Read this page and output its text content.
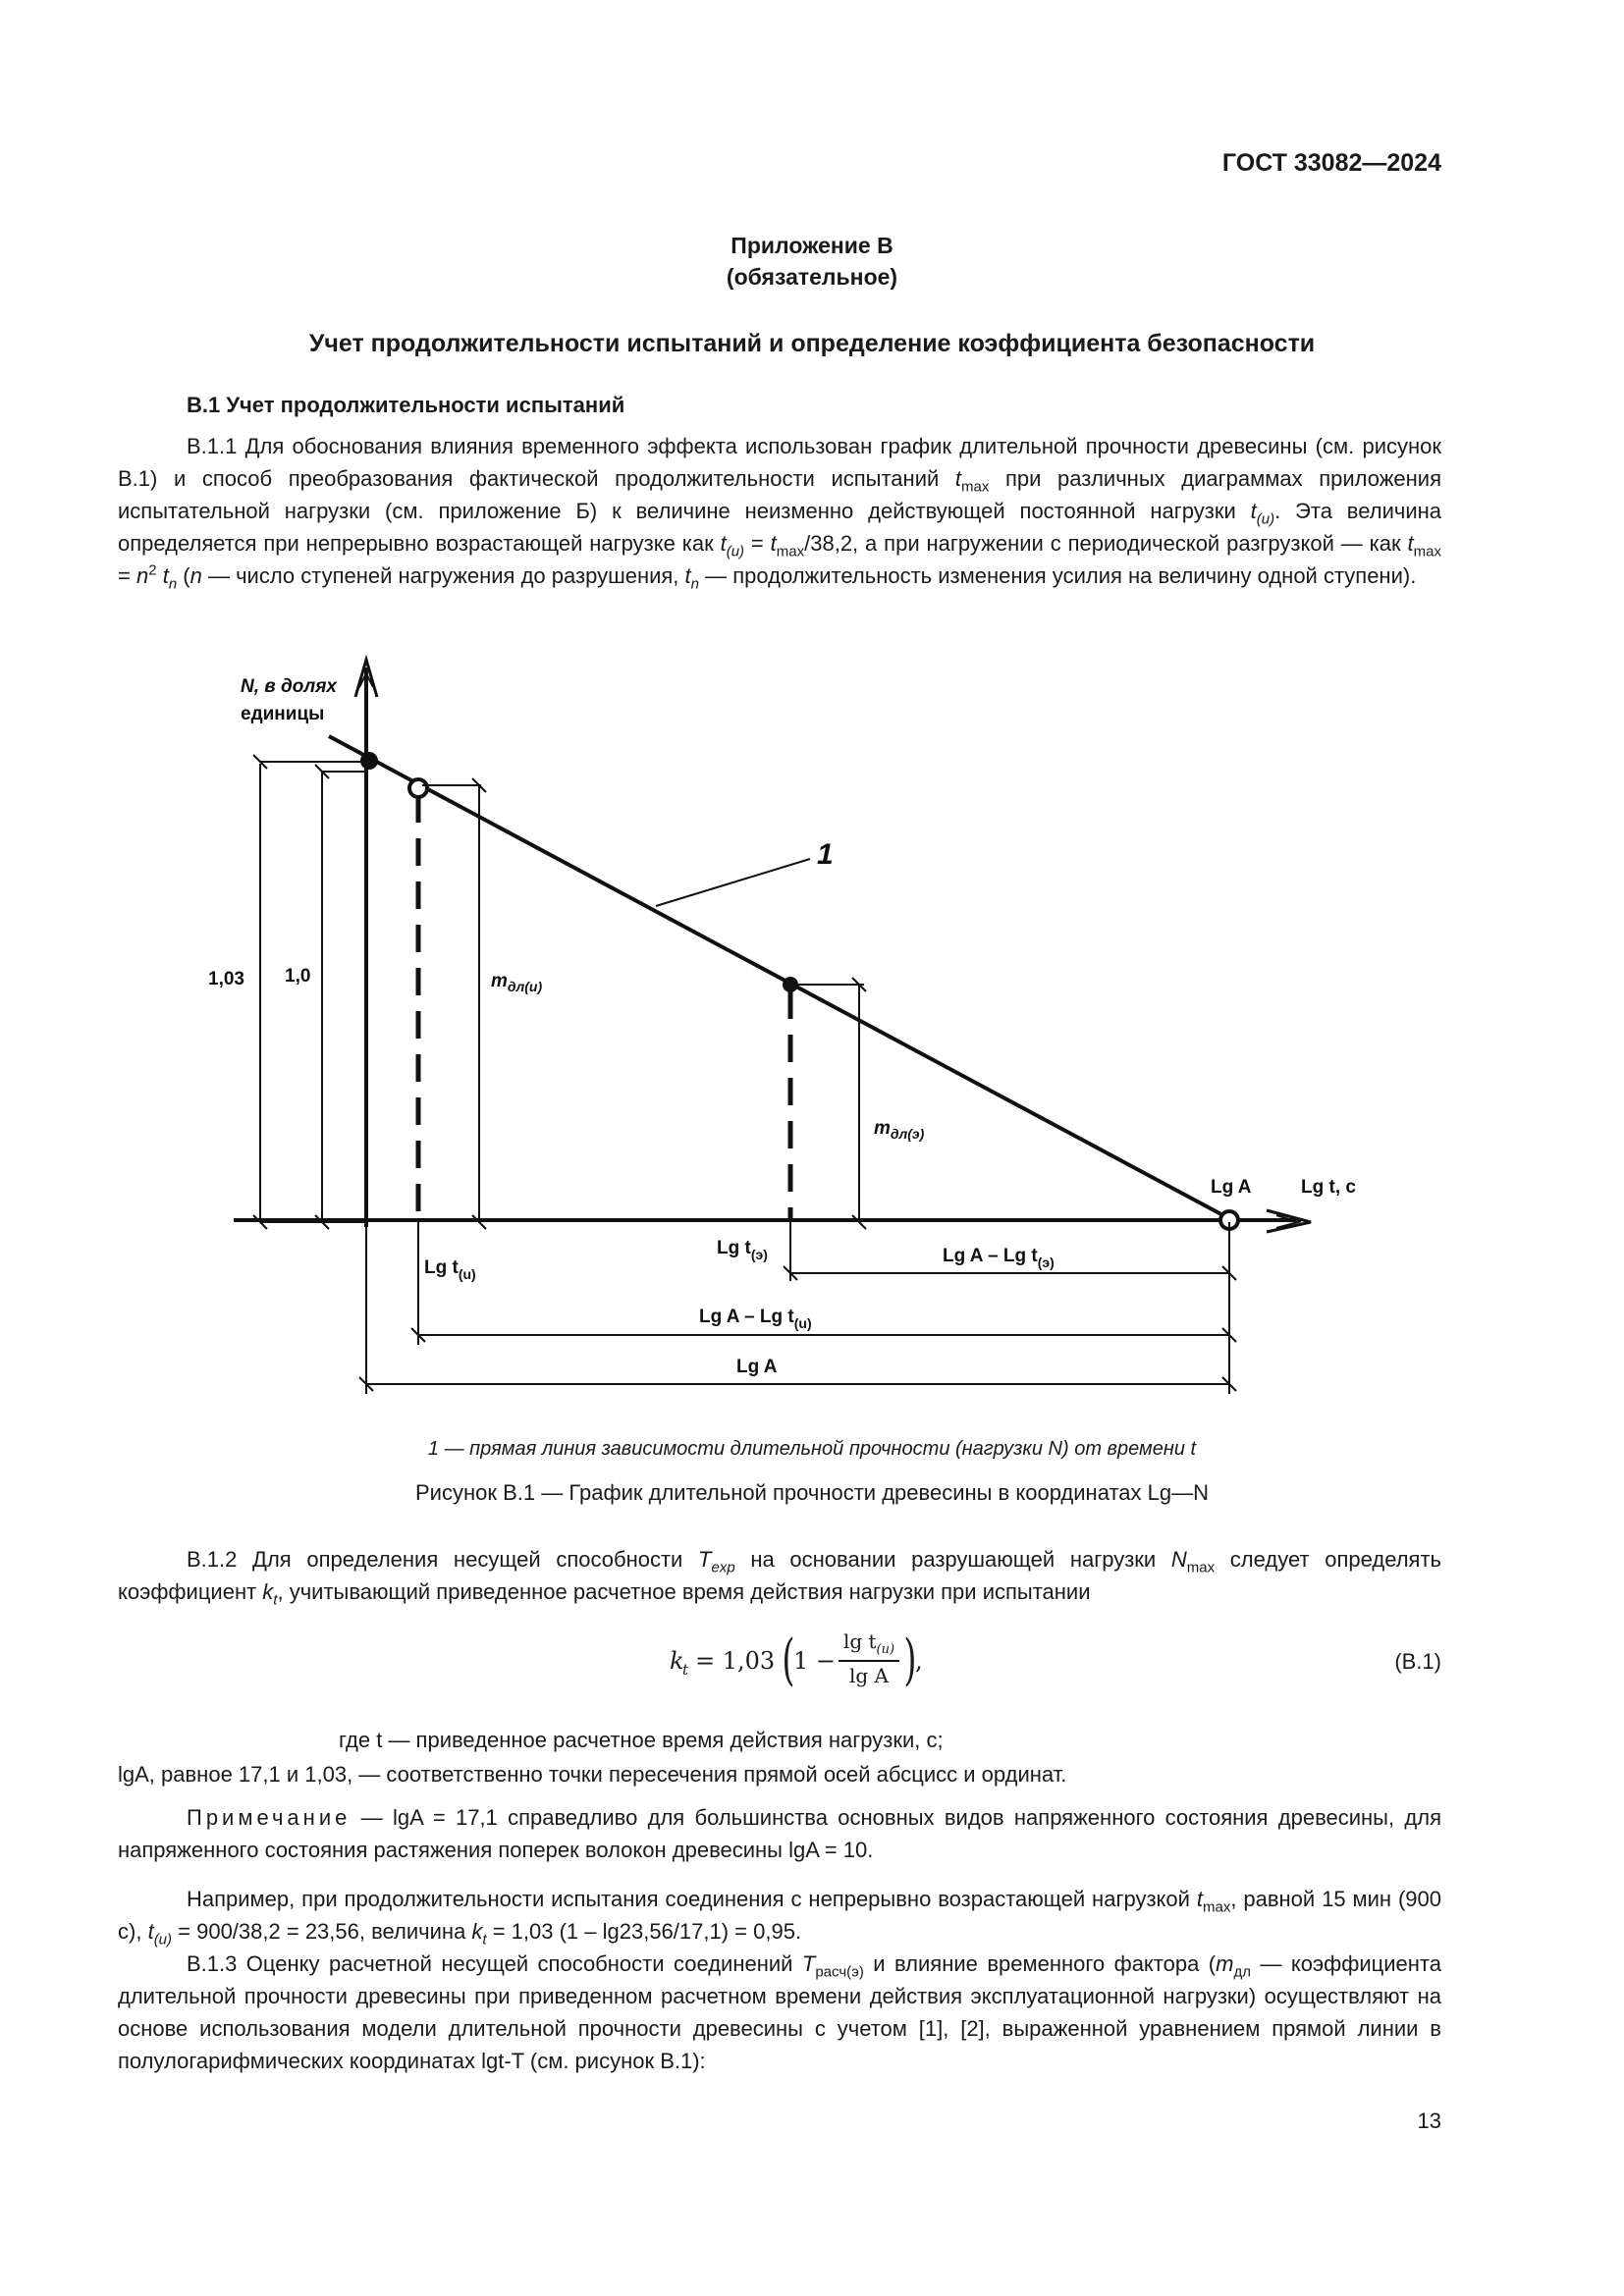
ГОСТ 33082—2024
Приложение В
(обязательное)
Учет продолжительности испытаний и определение коэффициента безопасности
В.1 Учет продолжительности испытаний

В.1.1 Для обоснования влияния временного эффекта использован график длительной прочности древесины (см. рисунок В.1) и способ преобразования фактической продолжительности испытаний $t_{max}$ при различных диаграммах приложения испытательной нагрузки (см. приложение Б) к величине неизменно действующей постоянной нагрузки $t_{(u)}$. Эта величина определяется при непрерывно возрастающей нагрузке как $t_{(u)} = t_{max}/38,2$, а при нагружении с периодической разгрузкой — как $t_{max} = n^2$ $t_n$ (n — число ступеней нагружения до разрушения, $t_n$ — продолжительность изменения усилия на величину одной ступени).

N, в долях
единицы
Lg t, с
1
1,03 1,0	$m_{дл(u)}$
$m_{дл(э)}$
Lg A
Lg $t_{(u)}$
Lg $t_{(э)}$	Lg A – Lg $t_{(э)}$
Lg A – Lg $t_{(u)}$
Lg A
1 — прямая линия зависимости длительной прочности (нагрузки N) от времени t
Рисунок В.1 — График длительной прочности древесины в координатах Lg—N

В.1.2 Для определения несущей способности $T_{exp}$ на основании разрушающей нагрузки $N_{max}$ следует определять коэффициент $k_t$, учитывающий приведенное расчетное время действия нагрузки при испытании

k
t = 1,03 (
1 −
$\lg t_{(u)}$
lg A )
,	(В.1)
где t — приведенное расчетное время действия нагрузки, с;
lgA, равное 17,1 и 1,03, — соответственно точки пересечения прямой осей абсцисс и ординат.

Примечание — lgA = 17,1 справедливо для большинства основных видов напряженного состояния древесины, для напряженного состояния растяжения поперек волокон древесины lgA = 10.

Например, при продолжительности испытания соединения с непрерывно возрастающей нагрузкой $t_{max}$, равной 15 мин (900 с), $t_{(u)} = 900/38,2 = 23,56$, величина $k_t = 1,03$ (1 – lg23,56/17,1) = 0,95.

В.1.3 Оценку расчетной несущей способности соединений $T_{расч(э)}$ и влияние временного фактора ($m_{дл}$ — коэффициента длительной прочности древесины при приведенном расчетном времени действия эксплуатационной нагрузки) осуществляют на основе использования модели длительной прочности древесины с учетом [1], [2], выраженной уравнением прямой линии в полулогарифмических координатах lgt-T (см. рисунок В.1):

13
